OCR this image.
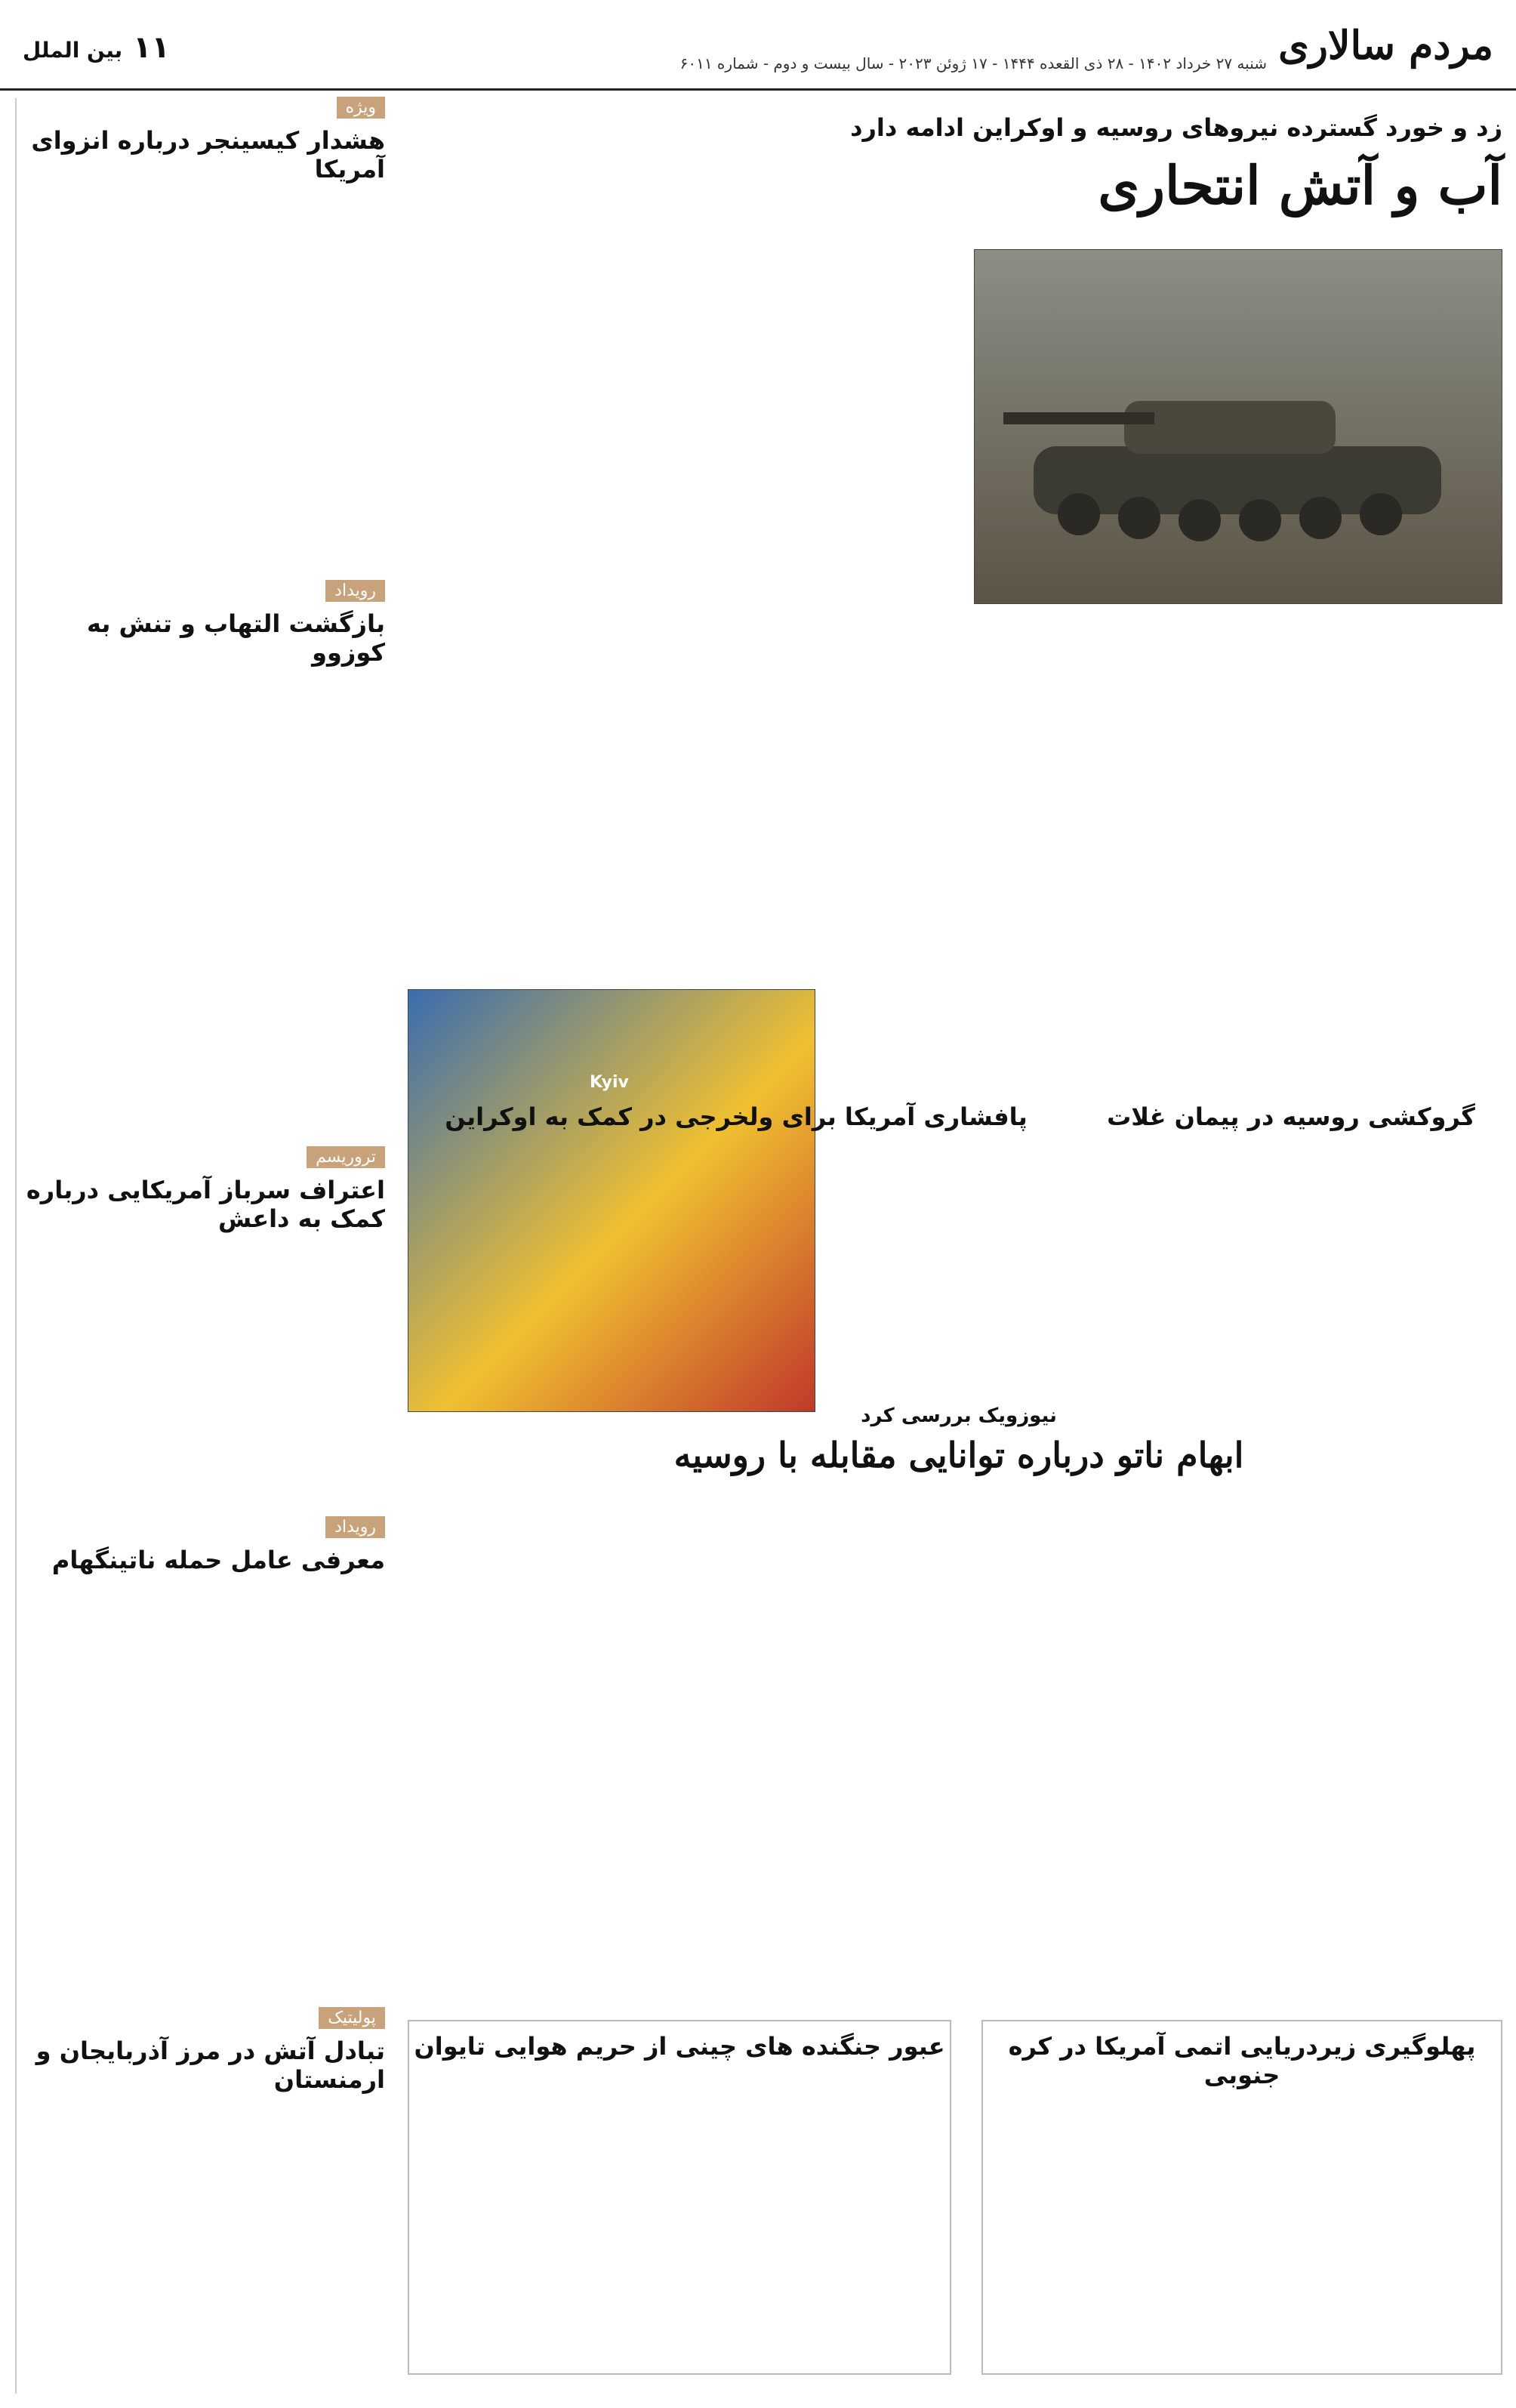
مردم سالاری
شنبه ۲۷ خرداد ۱۴۰۲ - ۲۸ ذی القعده ۱۴۴۴ - ۱۷ ژوئن ۲۰۲۳ - سال بیست و دوم - شماره ۶۰۱۱
۱۱ بین الملل
زد و خورد گسترده نیروهای روسیه و اوکراین ادامه دارد
آب و آتش انتحاری
Kyiv
ویژه
هشدار کیسینجر درباره انزوای آمریکا
رویداد
بازگشت التهاب و تنش به کوزوو
تروریسم
اعتراف سرباز آمریکایی درباره کمک به داعش
رویداد
معرفی عامل حمله ناتینگهام
پولیتیک
تبادل آتش در مرز آذربایجان و ارمنستان
پافشاری آمریکا برای ولخرجی در کمک به اوکراین	گروکشی روسیه در پیمان غلات
نیوزویک بررسی کرد
ابهام ناتو درباره توانایی مقابله با روسیه
پهلوگیری زیردریایی اتمی آمریکا در کره جنوبی
عبور جنگنده های چینی از حریم هوایی تایوان
